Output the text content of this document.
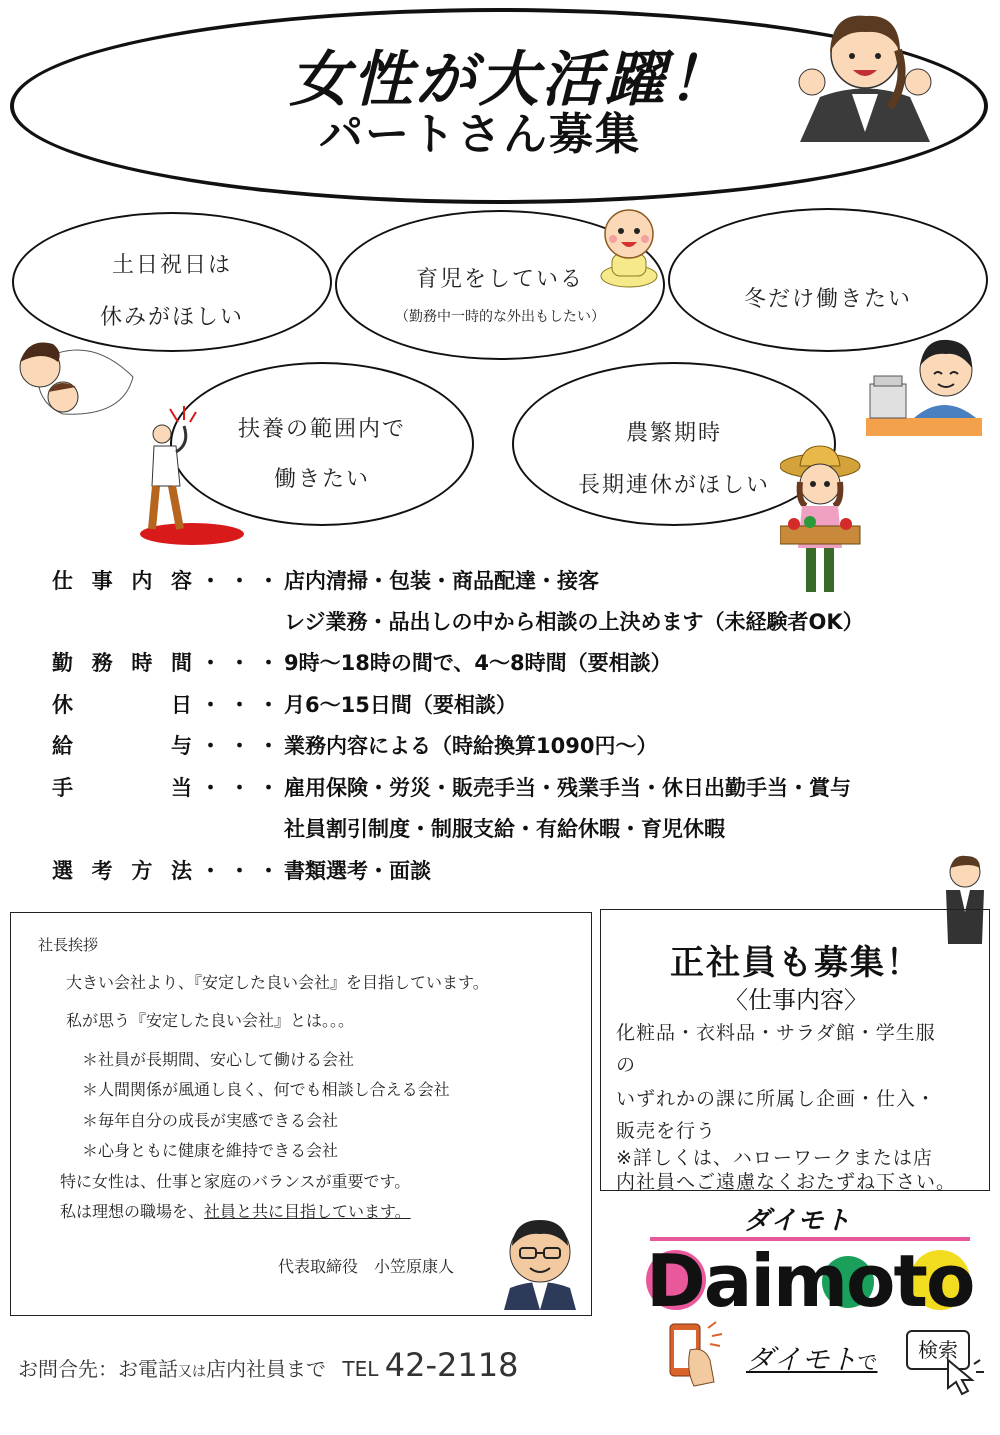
女性が大活躍！
パートさん募集
土日祝日は
休みがほしい
育児をしている
（勤務中一時的な外出もしたい）
冬だけ働きたい
扶養の範囲内で
働きたい
農繁期時
長期連休がほしい
仕 事 内 容 ・・・
店内清掃・包装・商品配達・接客
レジ業務・品出しの中から相談の上決めます（未経験者OK）
勤 務 時 間 ・・・
9時～18時の間で、4～8時間（要相談）
休	日 ・・・
月6～15日間（要相談）
給	与 ・・・
業務内容による（時給換算1090円～）
手	当 ・・・
雇用保険・労災・販売手当・残業手当・休日出勤手当・賞与
社員割引制度・制服支給・有給休暇・育児休暇
選 考 方 法 ・・・
書類選考・面談
社長挨拶
大きい会社より、『安定した良い会社』を目指しています。
私が思う『安定した良い会社』とは。。。
＊社員が長期間、安心して働ける会社
＊人間関係が風通し良く、何でも相談し合える会社
＊毎年自分の成長が実感できる会社
＊心身ともに健康を維持できる会社
特に女性は、仕事と家庭のバランスが重要です。
私は理想の職場を、社員と共に目指しています。
代表取締役　小笠原康人
正社員も募集！
〈仕事内容〉
化粧品・衣料品・サラダ館・学生服
の
いずれかの課に所属し企画・仕入・
販売を行う
※詳しくは、ハローワークまたは店
内社員へご遠慮なくおたずね下さい。
ダイモト
Daimoto
お問合先：お電話又は店内社員まで TEL 42-2118	ダイモトで	検索
